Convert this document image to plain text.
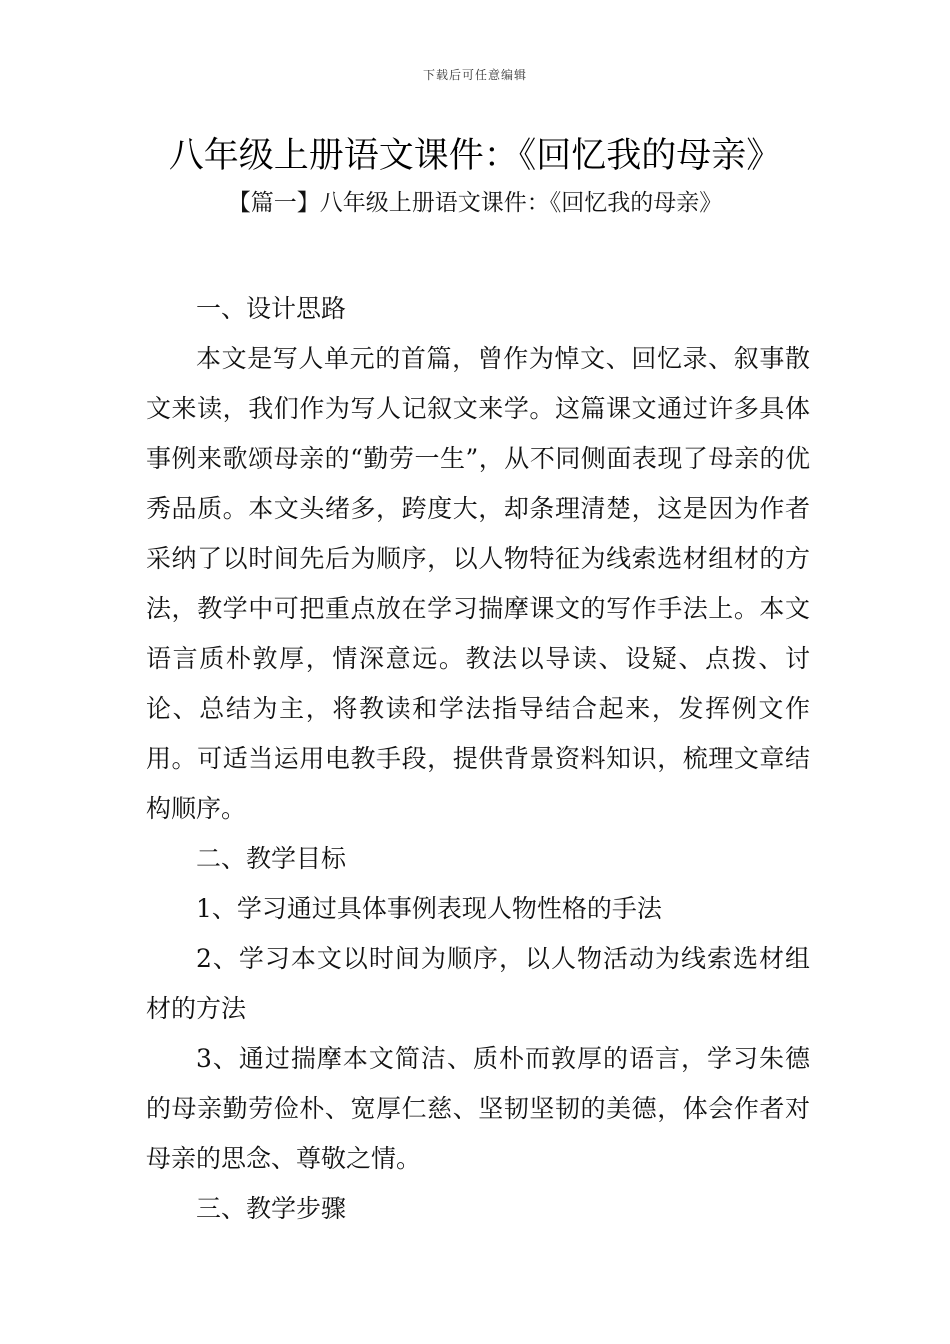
下载后可任意编辑
八年级上册语文课件：《回忆我的母亲》
【篇一】八年级上册语文课件：《回忆我的母亲》

一、设计思路

本文是写人单元的首篇，曾作为悼文、回忆录、叙事散文来读，我们作为写人记叙文来学。这篇课文通过许多具体事例来歌颂母亲的“勤劳一生”，从不同侧面表现了母亲的优秀品质。本文头绪多，跨度大，却条理清楚，这是因为作者采纳了以时间先后为顺序，以人物特征为线索选材组材的方法，教学中可把重点放在学习揣摩课文的写作手法上。本文语言质朴敦厚，情深意远。教法以导读、设疑、点拨、讨论、总结为主，将教读和学法指导结合起来，发挥例文作用。可适当运用电教手段，提供背景资料知识，梳理文章结构顺序。

二、教学目标

1、学习通过具体事例表现人物性格的手法

2、学习本文以时间为顺序，以人物活动为线索选材组材的方法

3、通过揣摩本文简洁、质朴而敦厚的语言，学习朱德的母亲勤劳俭朴、宽厚仁慈、坚韧坚韧的美德，体会作者对母亲的思念、尊敬之情。

三、教学步骤
